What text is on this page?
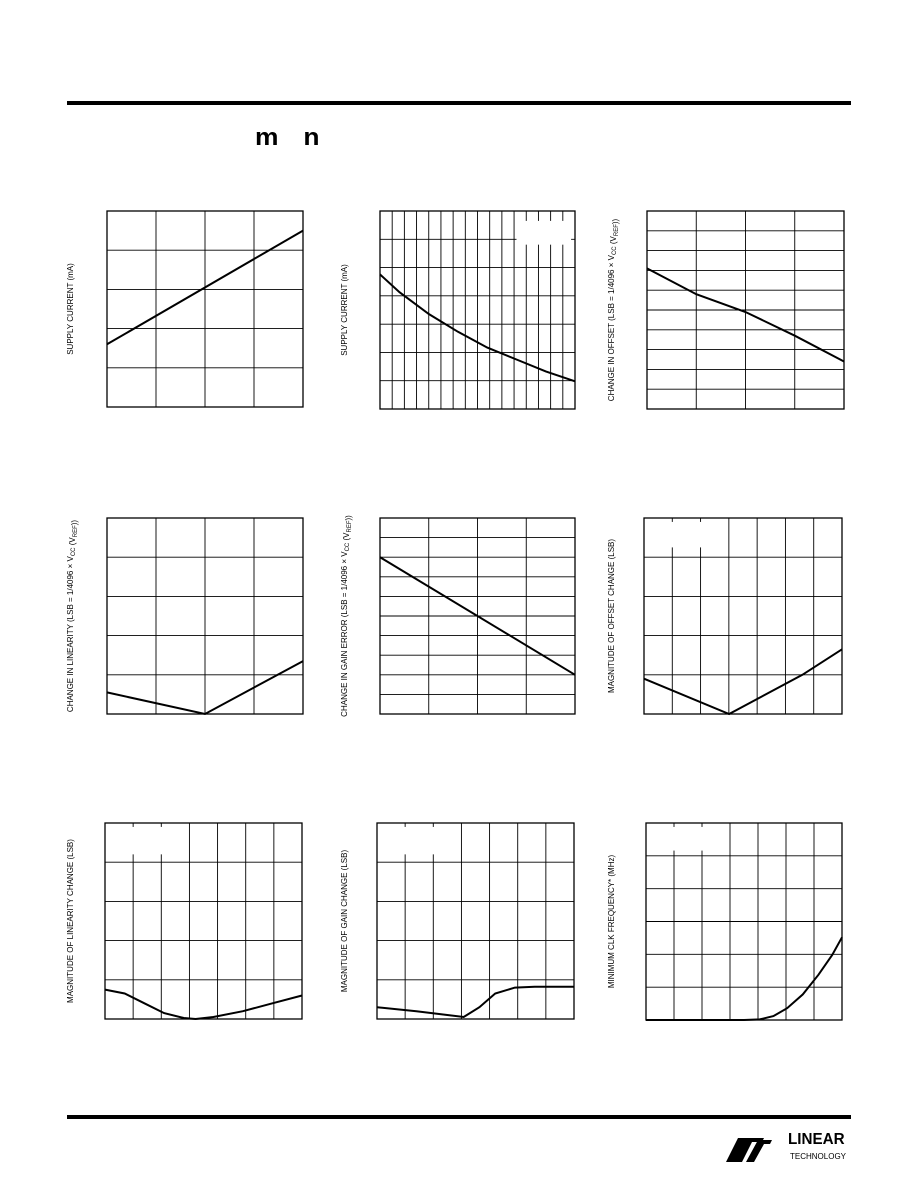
m n
SUPPLY CURRENT (mA)	SUPPLY CURRENT (mA)	CHANGE IN OFFSET ($LSB = 1/4096 \times V_{CC}$ $(V_{REF})$)
CHANGE IN LINEARITY ($LSB = 1/4096 \times V_{CC}$ $(V_{REF})$)
CHANGE IN GAIN ERROR ($LSB = 1/4096 \times V_{CC}$ $(V_{REF})$)
MAGNITUDE OF OFFSET CHANGE (LSB)
MAGNITUDE OF LINEARITY CHANGE (LSB)	MAGNITUDE OF GAIN CHANGE (LSB)	MINIMUM CLK FREQUENCY* (MHz)
LINEAR
TECHNOLOGY
